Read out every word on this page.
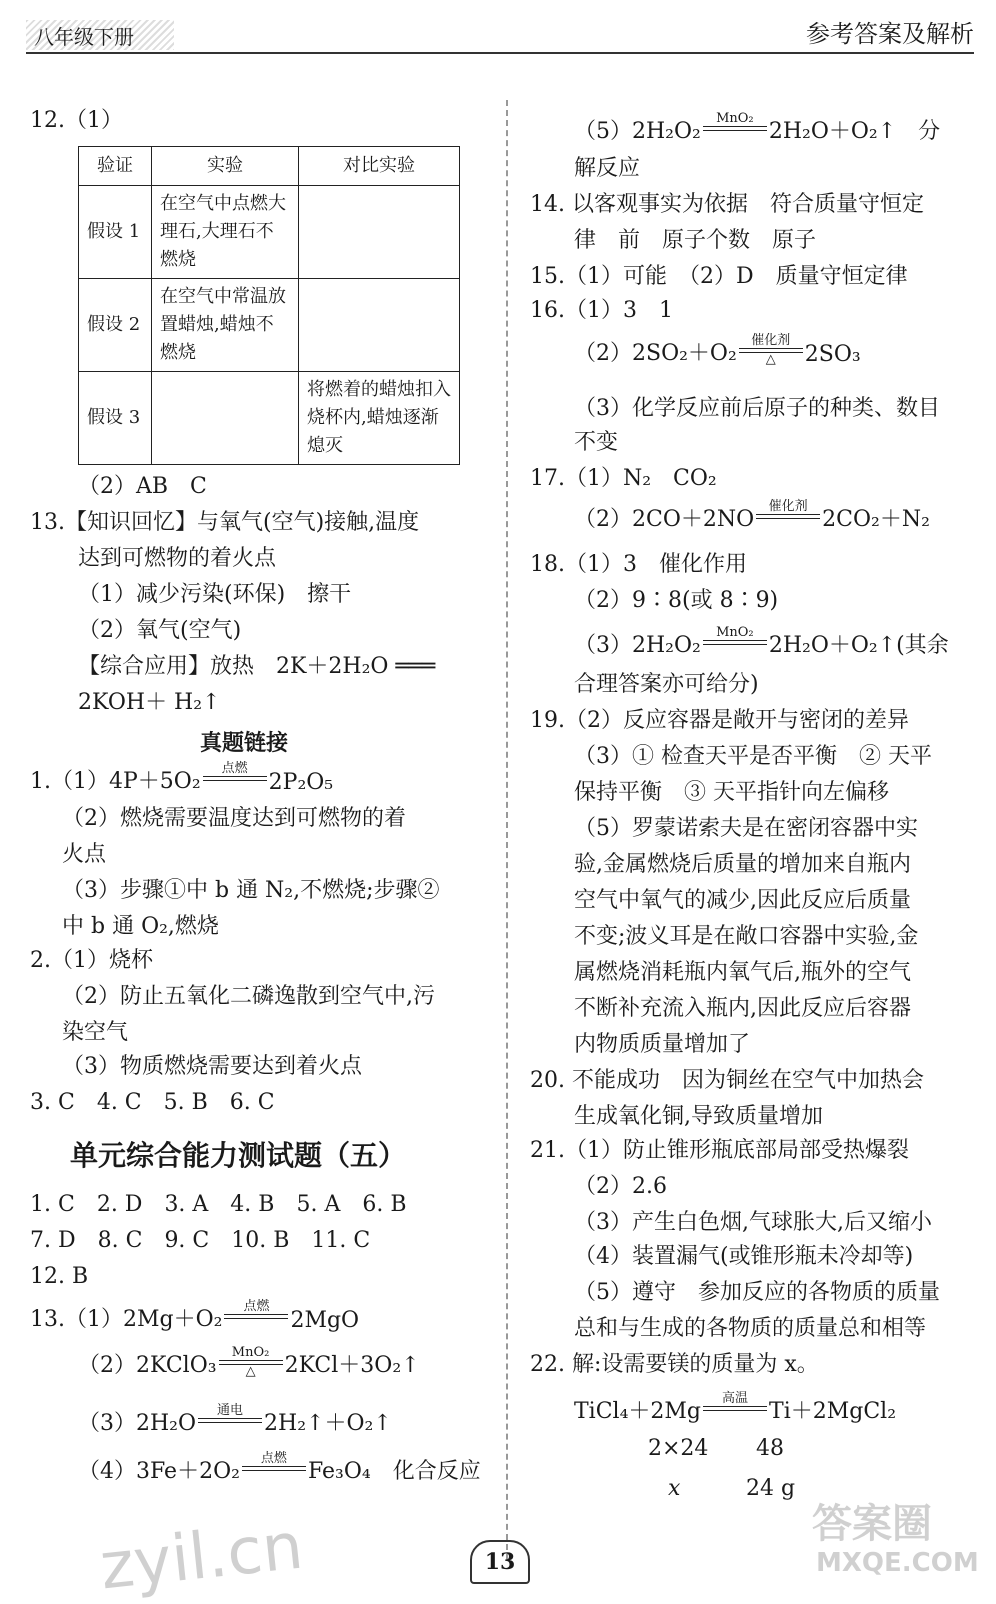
八年级下册	参考答案及解析
12.（1）
验证	实验	对比实验
假设 1	在空气中点燃大理石,大理石不燃烧	
假设 2	在空气中常温放置蜡烛,蜡烛不燃烧	
假设 3		将燃着的蜡烛扣入烧杯内,蜡烛逐渐熄灭
（2）AB　C
13.【知识回忆】与氧气(空气)接触,温度
达到可燃物的着火点
（1）减少污染(环保)　擦干
（2）氧气(空气)
【综合应用】放热　2K＋2H₂O ═══
2KOH＋ H₂↑
真题链接
1.（1）4P＋5O₂
点燃
2P₂O₅
（2）燃烧需要温度达到可燃物的着
火点
（3）步骤①中 b 通 N₂,不燃烧;步骤②
中 b 通 O₂,燃烧
2.（1）烧杯
（2）防止五氧化二磷逸散到空气中,污
染空气
（3）物质燃烧需要达到着火点
3. C　4. C　5. B　6. C
单元综合能力测试题（五）
1. C　2. D　3. A　4. B　5. A　6. B
7. D　8. C　9. C　10. B　11. C
12. B
13.（1）2Mg＋O₂
点燃
2MgO
（2）2KClO₃
MnO₂
△ 2KCl＋3O₂↑
（3）2H₂O
通电
2H₂↑＋O₂↑
（4）3Fe＋2O₂
点燃
Fe₃O₄　化合反应
（5）2H₂O₂
MnO₂
2H₂O＋O₂↑　分
解反应
14. 以客观事实为依据　符合质量守恒定
律　前　原子个数　原子
15.（1）可能　（2）D　质量守恒定律
16.（1）3　1
（2）2SO₂＋O₂
催化剂
△ 2SO₃
（3）化学反应前后原子的种类、数目
不变
17.（1）N₂　CO₂
（2）2CO＋2NO
催化剂
2CO₂＋N₂
18.（1）3　催化作用
（2）9∶8(或 8∶9)
（3）2H₂O₂
MnO₂
2H₂O＋O₂↑(其余
合理答案亦可给分)
19.（2）反应容器是敞开与密闭的差异
（3）① 检查天平是否平衡　② 天平
保持平衡　③ 天平指针向左偏移
（5）罗蒙诺索夫是在密闭容器中实
验,金属燃烧后质量的增加来自瓶内
空气中氧气的减少,因此反应后质量
不变;波义耳是在敞口容器中实验,金
属燃烧消耗瓶内氧气后,瓶外的空气
不断补充流入瓶内,因此反应后容器
内物质质量增加了
20. 不能成功　因为铜丝在空气中加热会
生成氧化铜,导致质量增加
21.（1）防止锥形瓶底部局部受热爆裂
（2）2.6
（3）产生白色烟,气球胀大,后又缩小
（4）装置漏气(或锥形瓶未冷却等)
（5）遵守　参加反应的各物质的质量
总和与生成的各物质的质量总和相等
22. 解:设需要镁的质量为 x。
TiCl₄＋2Mg
高温
Ti＋2MgCl₂
2×24 48
x	24 g
13
zyil.cn	答案圈
MXQE.COM
